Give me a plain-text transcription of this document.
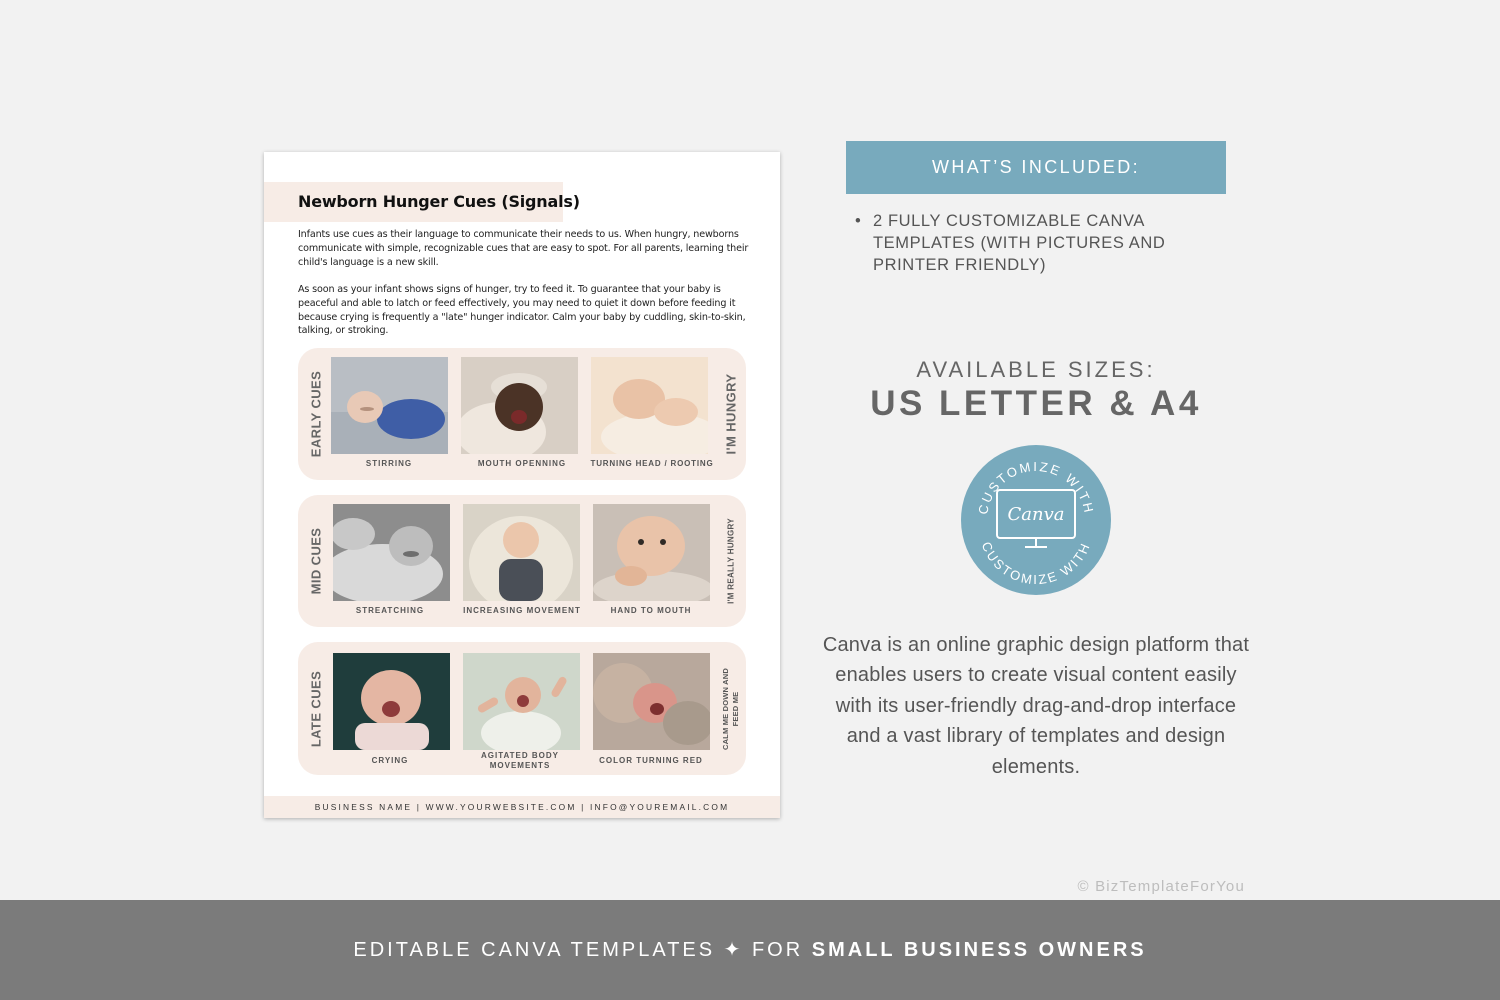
Newborn Hunger Cues (Signals)
Infants use cues as their language to communicate their needs to us. When hungry, newborns communicate with simple, recognizable cues that are easy to spot. For all parents, learning their child's language is a new skill.
As soon as your infant shows signs of hunger, try to feed it. To guarantee that your baby is peaceful and able to latch or feed effectively, you may need to quiet it down before feeding it because crying is frequently a "late" hunger indicator. Calm your baby by cuddling, skin-to-skin, talking, or stroking.
EARLY CUES
STIRRING	MOUTH OPENNING	TURNING HEAD / ROOTING
I'M HUNGRY
MID CUES
STREATCHING	INCREASING MOVEMENT	HAND TO MOUTH
I'M REALLY HUNGRY
LATE CUES
CRYING
AGITATED BODY MOVEMENTS
COLOR TURNING RED
CALM ME DOWN AND FEED ME
BUSINESS NAME | WWW.YOURWEBSITE.COM | INFO@YOUREMAIL.COM
WHAT’S INCLUDED:
• 2 FULLY CUSTOMIZABLE CANVA TEMPLATES (WITH PICTURES AND PRINTER FRIENDLY)
AVAILABLE SIZES:
US LETTER & A4
CUSTOMIZE WITH
CUSTOMIZE WITH
Canva
Canva is an online graphic design platform that enables users to create visual content easily with its user-friendly drag-and-drop interface and a vast library of templates and design elements.
© BizTemplateForYou
EDITABLE CANVA TEMPLATES ✦ FOR SMALL BUSINESS OWNERS
